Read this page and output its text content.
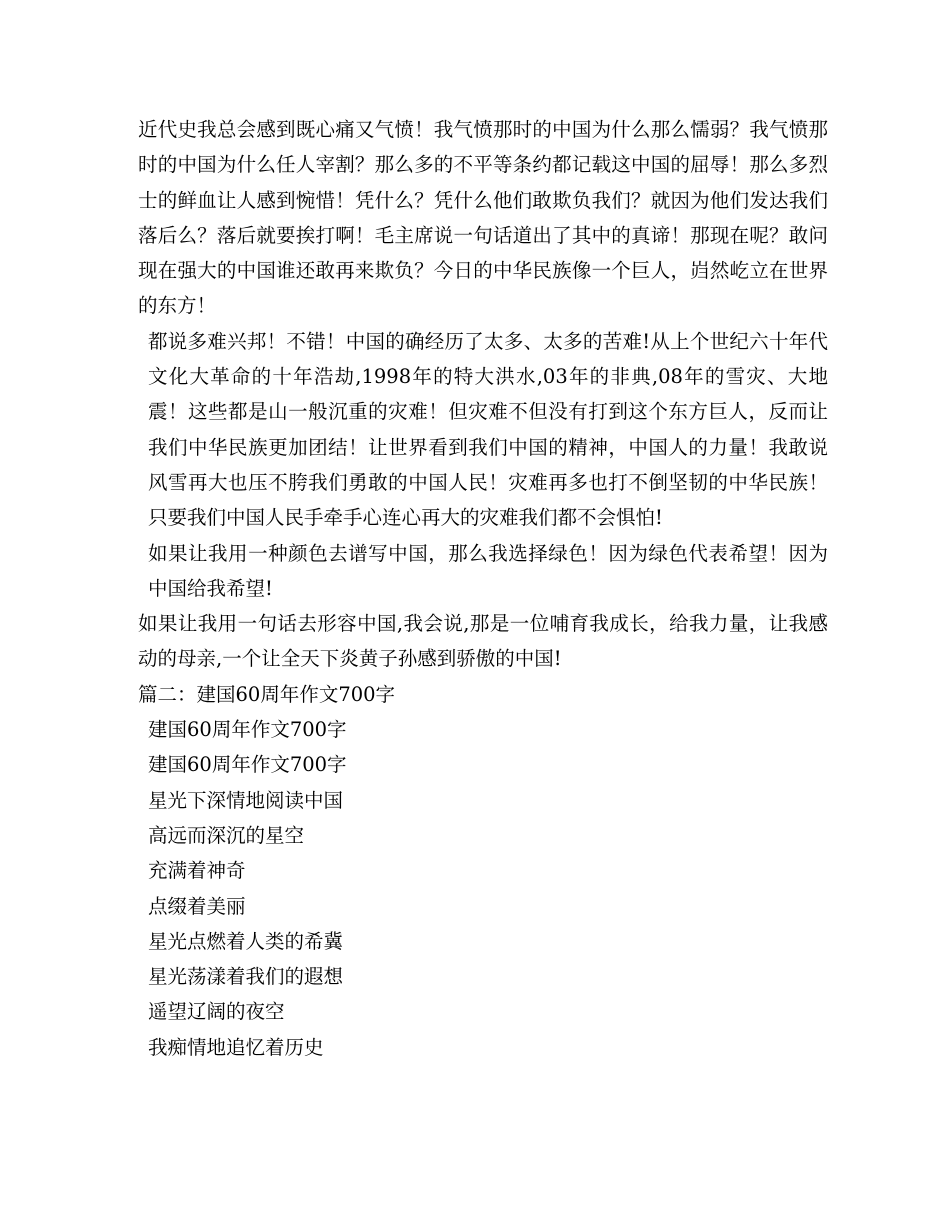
近代史我总会感到既心痛又气愤！我气愤那时的中国为什么那么懦弱？我气愤那时的中国为什么任人宰割？那么多的不平等条约都记载这中国的屈辱！那么多烈士的鲜血让人感到惋惜！凭什么？凭什么他们敢欺负我们？就因为他们发达我们落后么？落后就要挨打啊！毛主席说一句话道出了其中的真谛！那现在呢？敢问现在强大的中国谁还敢再来欺负？今日的中华民族像一个巨人，岿然屹立在世界的东方！
都说多难兴邦！不错！中国的确经历了太多、太多的苦难!从上个世纪六十年代文化大革命的十年浩劫,1998年的特大洪水,03年的非典,08年的雪灾、大地震！这些都是山一般沉重的灾难！但灾难不但没有打到这个东方巨人，反而让我们中华民族更加团结！让世界看到我们中国的精神，中国人的力量！我敢说风雪再大也压不胯我们勇敢的中国人民！灾难再多也打不倒坚韧的中华民族！只要我们中国人民手牵手心连心再大的灾难我们都不会惧怕!
如果让我用一种颜色去谱写中国，那么我选择绿色！因为绿色代表希望！因为中国给我希望!
如果让我用一句话去形容中国,我会说,那是一位哺育我成长，给我力量，让我感动的母亲,一个让全天下炎黄子孙感到骄傲的中国!
篇二：建国60周年作文700字
建国60周年作文700字
建国60周年作文700字
星光下深情地阅读中国
高远而深沉的星空
充满着神奇
点缀着美丽
星光点燃着人类的希冀
星光荡漾着我们的遐想
遥望辽阔的夜空
我痴情地追忆着历史
